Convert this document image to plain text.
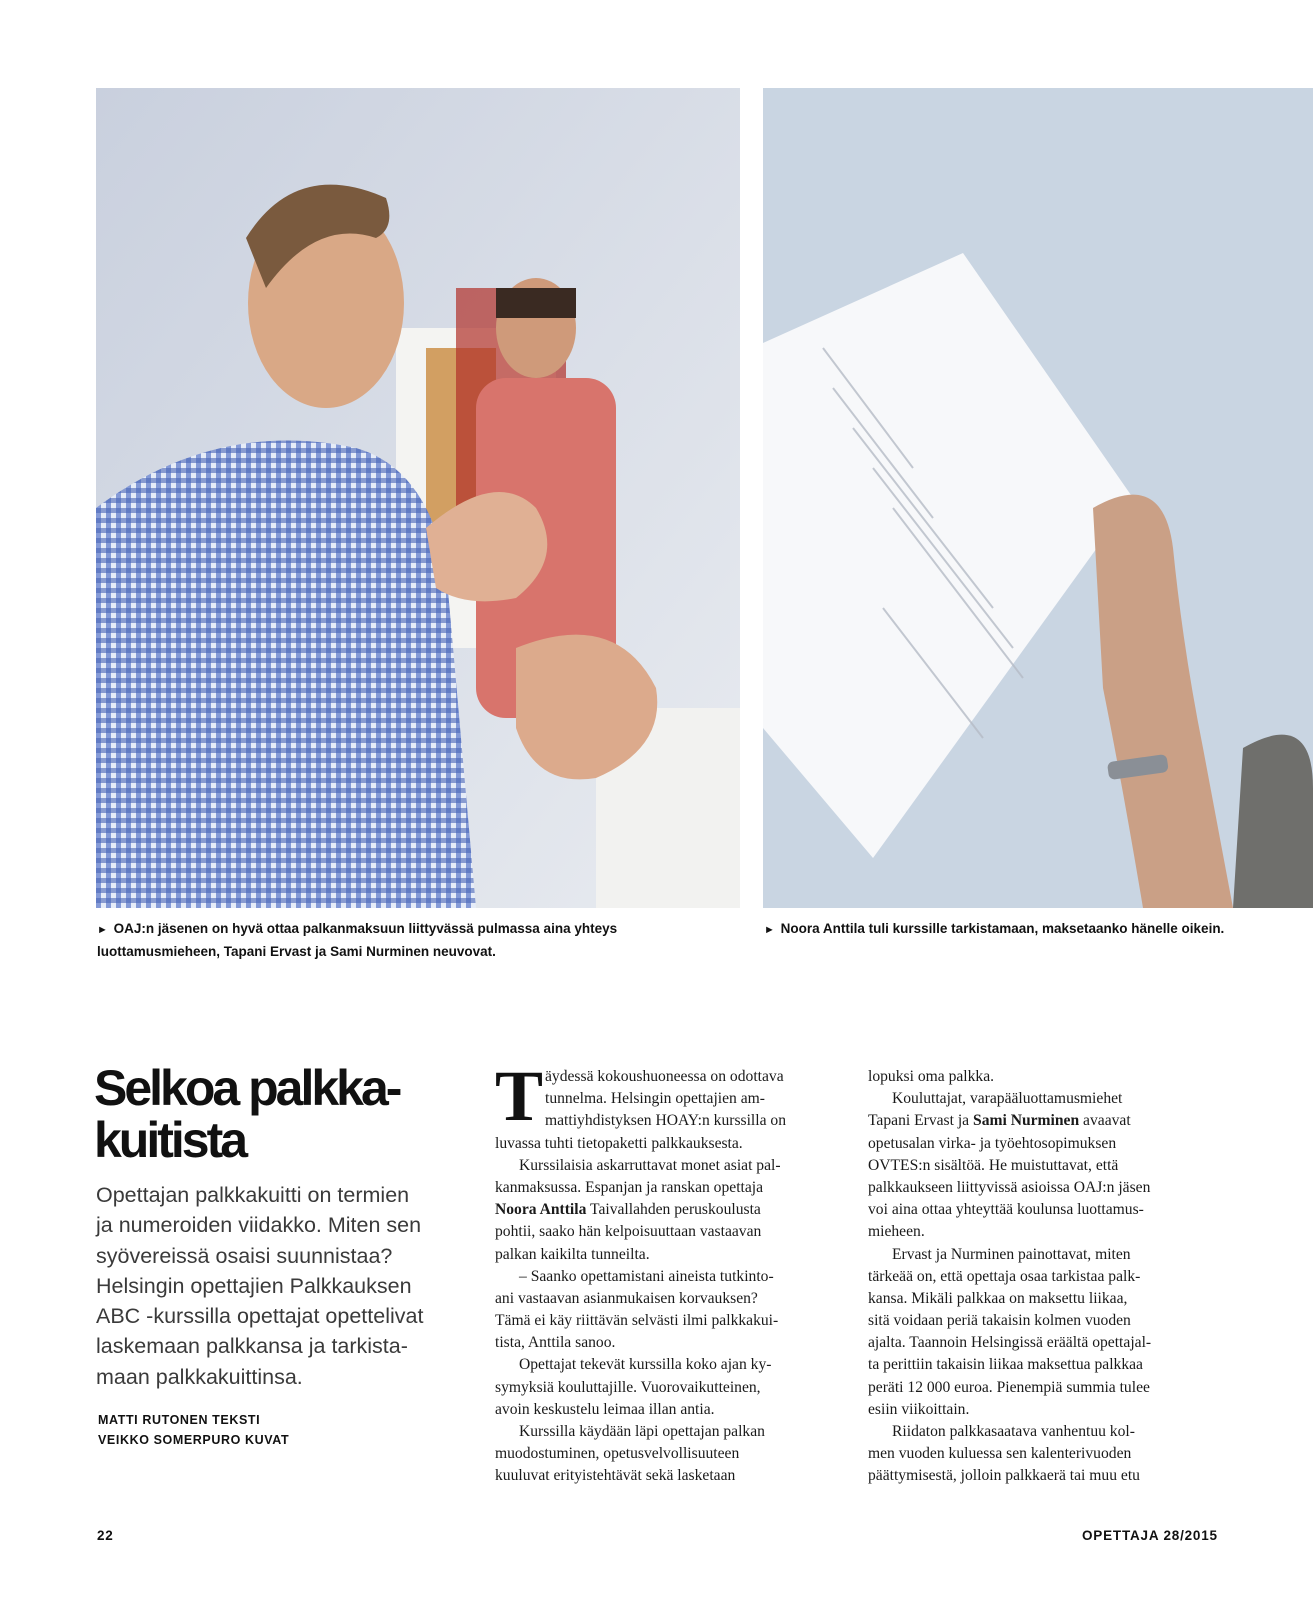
► OAJ:n jäsenen on hyvä ottaa palkanmaksuun liittyvässä pulmassa aina yhteys
luottamusmieheen, Tapani Ervast ja Sami Nurminen neuvovat.
► Noora Anttila tuli kurssille tarkistamaan, maksetaanko hänelle oikein.
Selkoa palkka-
kuitista
Opettajan palkkakuitti on termien
ja numeroiden viidakko. Miten sen
syövereissä osaisi suunnistaa?
Helsingin opettajien Palkkauksen
ABC -kurssilla opettajat opettelivat
laskemaan palkkansa ja tarkista-
maan palkkakuittinsa.
MATTI RUTONEN TEKSTI
VEIKKO SOMERPURO KUVAT
T äydessä kokoushuoneessa on odottava
tunnelma. Helsingin opettajien am-
mattiyhdistyksen HOAY:n kurssilla on
luvassa tuhti tietopaketti palkkauksesta.
Kurssilaisia askarruttavat monet asiat pal-
kanmaksussa. Espanjan ja ranskan opettaja
Noora Anttila Taivallahden peruskoulusta
pohtii, saako hän kelpoisuuttaan vastaavan
palkan kaikilta tunneilta.
– Saanko opettamistani aineista tutkinto-
ani vastaavan asianmukaisen korvauksen?
Tämä ei käy riittävän selvästi ilmi palkkakui-
tista, Anttila sanoo.
Opettajat tekevät kurssilla koko ajan ky-
symyksiä kouluttajille. Vuorovaikutteinen,
avoin keskustelu leimaa illan antia.
Kurssilla käydään läpi opettajan palkan
muodostuminen, opetusvelvollisuuteen
kuuluvat erityistehtävät sekä lasketaan
lopuksi oma palkka.
Kouluttajat, varapääluottamusmiehet
Tapani Ervast ja Sami Nurminen avaavat
opetusalan virka- ja työehtosopimuksen
OVTES:n sisältöä. He muistuttavat, että
palkkaukseen liittyvissä asioissa OAJ:n jäsen
voi aina ottaa yhteyttää koulunsa luottamus-
mieheen.
Ervast ja Nurminen painottavat, miten
tärkeää on, että opettaja osaa tarkistaa palk-
kansa. Mikäli palkkaa on maksettu liikaa,
sitä voidaan periä takaisin kolmen vuoden
ajalta. Taannoin Helsingissä eräältä opettajal-
ta perittiin takaisin liikaa maksettua palkkaa
peräti 12 000 euroa. Pienempiä summia tulee
esiin viikoittain.
Riidaton palkkasaatava vanhentuu kol-
men vuoden kuluessa sen kalenterivuoden
päättymisestä, jolloin palkkaerä tai muu etu
22	OPETTAJA 28/2015
